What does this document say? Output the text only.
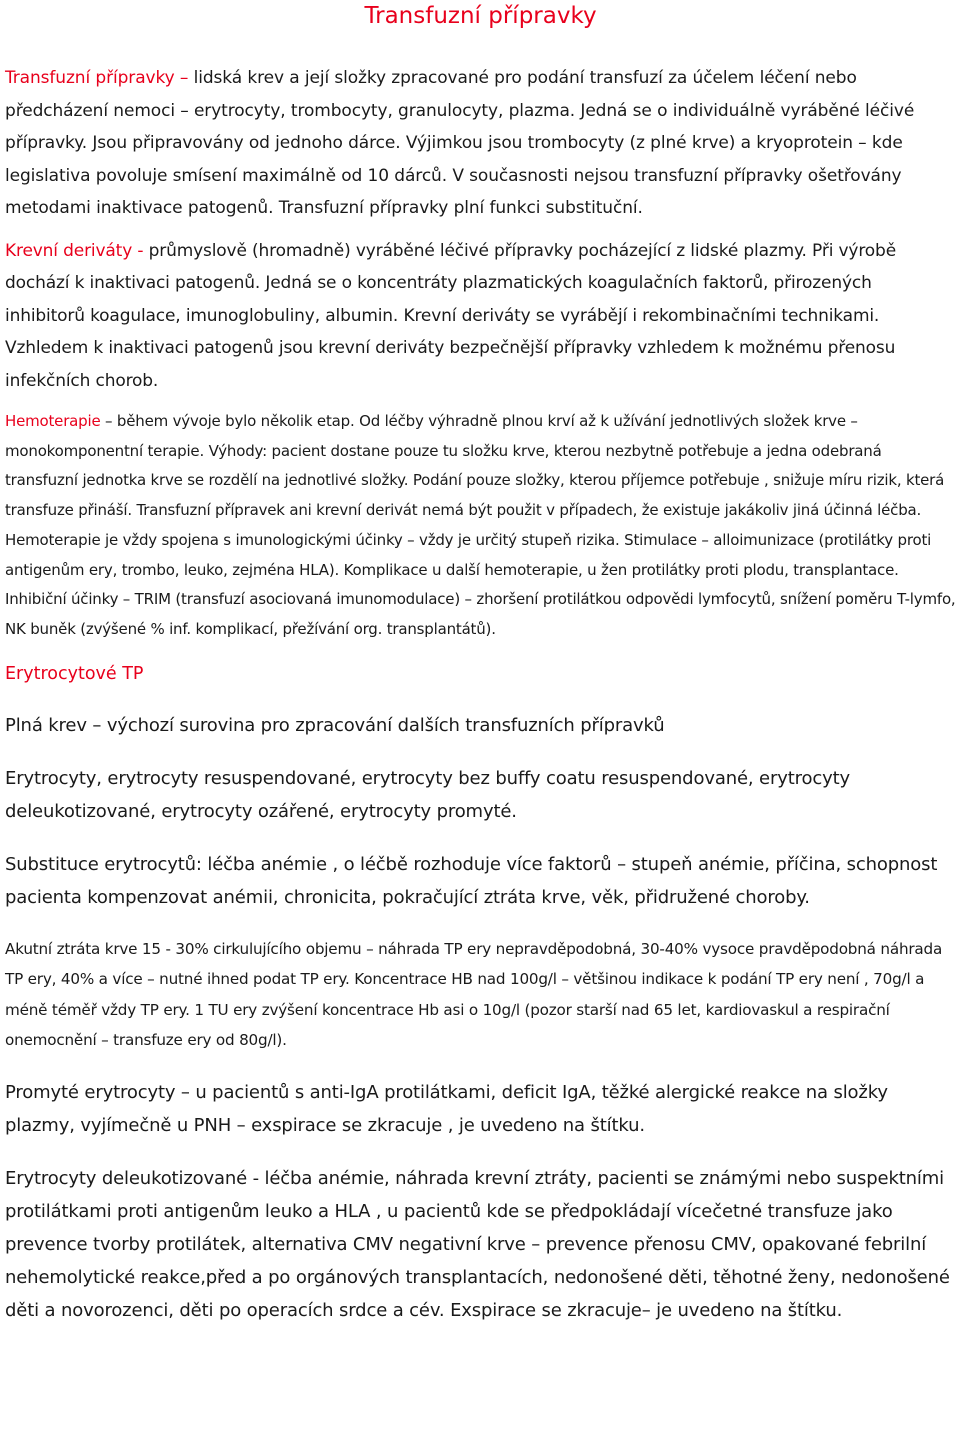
Transfuzní přípravky

Transfuzní přípravky – lidská krev a její složky zpracované pro podání transfuzí za účelem léčení nebo předcházení nemoci – erytrocyty, trombocyty, granulocyty, plazma. Jedná se o individuálně vyráběné léčivé přípravky. Jsou připravovány od jednoho dárce. Výjimkou jsou trombocyty (z plné krve) a kryoprotein – kde legislativa povoluje smísení maximálně od 10 dárců. V současnosti nejsou transfuzní přípravky ošetřovány metodami inaktivace patogenů. Transfuzní přípravky plní funkci substituční.

Krevní deriváty - průmyslově (hromadně) vyráběné léčivé přípravky pocházející z lidské plazmy. Při výrobě dochází k inaktivaci patogenů. Jedná se o koncentráty plazmatických koagulačních faktorů, přirozených inhibitorů koagulace, imunoglobuliny, albumin. Krevní deriváty se vyrábějí i rekombinačními technikami. Vzhledem k inaktivaci patogenů jsou krevní deriváty bezpečnější přípravky vzhledem k možnému přenosu infekčních chorob.

Hemoterapie – během vývoje bylo několik etap. Od léčby výhradně plnou krví až k užívání jednotlivých složek krve – monokomponentní terapie. Výhody: pacient dostane pouze tu složku krve, kterou nezbytně potřebuje a jedna odebraná transfuzní jednotka krve se rozdělí na jednotlivé složky. Podání pouze složky, kterou příjemce potřebuje , snižuje míru rizik, která transfuze přináší. Transfuzní přípravek ani krevní derivát nemá být použit v případech, že existuje jakákoliv jiná účinná léčba. Hemoterapie je vždy spojena s imunologickými účinky – vždy je určitý stupeň rizika. Stimulace – alloimunizace (protilátky proti antigenům ery, trombo, leuko, zejména HLA). Komplikace u další hemoterapie, u žen protilátky proti plodu, transplantace. Inhibiční účinky – TRIM (transfuzí asociovaná imunomodulace) – zhoršení protilátkou odpovědi lymfocytů, snížení poměru T-lymfo, NK buněk (zvýšené % inf. komplikací, přežívání org. transplantátů).

Erytrocytové TP

Plná krev – výchozí surovina pro zpracování dalších transfuzních přípravků

Erytrocyty, erytrocyty resuspendované, erytrocyty bez buffy coatu resuspendované, erytrocyty deleukotizované, erytrocyty ozářené, erytrocyty promyté.

Substituce erytrocytů: léčba anémie , o léčbě rozhoduje více faktorů – stupeň anémie, příčina, schopnost pacienta kompenzovat anémii, chronicita, pokračující ztráta krve, věk, přidružené choroby.

Akutní ztráta krve 15 - 30% cirkulujícího objemu – náhrada TP ery nepravděpodobná, 30-40% vysoce pravděpodobná náhrada TP ery, 40% a více – nutné ihned podat TP ery. Koncentrace HB nad 100g/l – většinou indikace k podání TP ery není , 70g/l a méně téměř vždy TP ery. 1 TU ery zvýšení koncentrace Hb asi o 10g/l (pozor starší nad 65 let, kardiovaskul a respirační onemocnění – transfuze ery od 80g/l).

Promyté erytrocyty – u pacientů s anti-IgA protilátkami, deficit IgA, těžké alergické reakce na složky plazmy, vyjímečně u PNH – exspirace se zkracuje , je uvedeno na štítku.

Erytrocyty deleukotizované - léčba anémie, náhrada krevní ztráty, pacienti se známými nebo suspektními protilátkami proti antigenům leuko a HLA , u pacientů kde se předpokládají vícečetné transfuze jako prevence tvorby protilátek, alternativa CMV negativní krve – prevence přenosu CMV, opakované febrilní nehemolytické reakce,před a po orgánových transplantacích, nedonošené děti, těhotné ženy, nedonošené děti a novorozenci, děti po operacích srdce a cév. Exspirace se zkracuje– je uvedeno na štítku.
